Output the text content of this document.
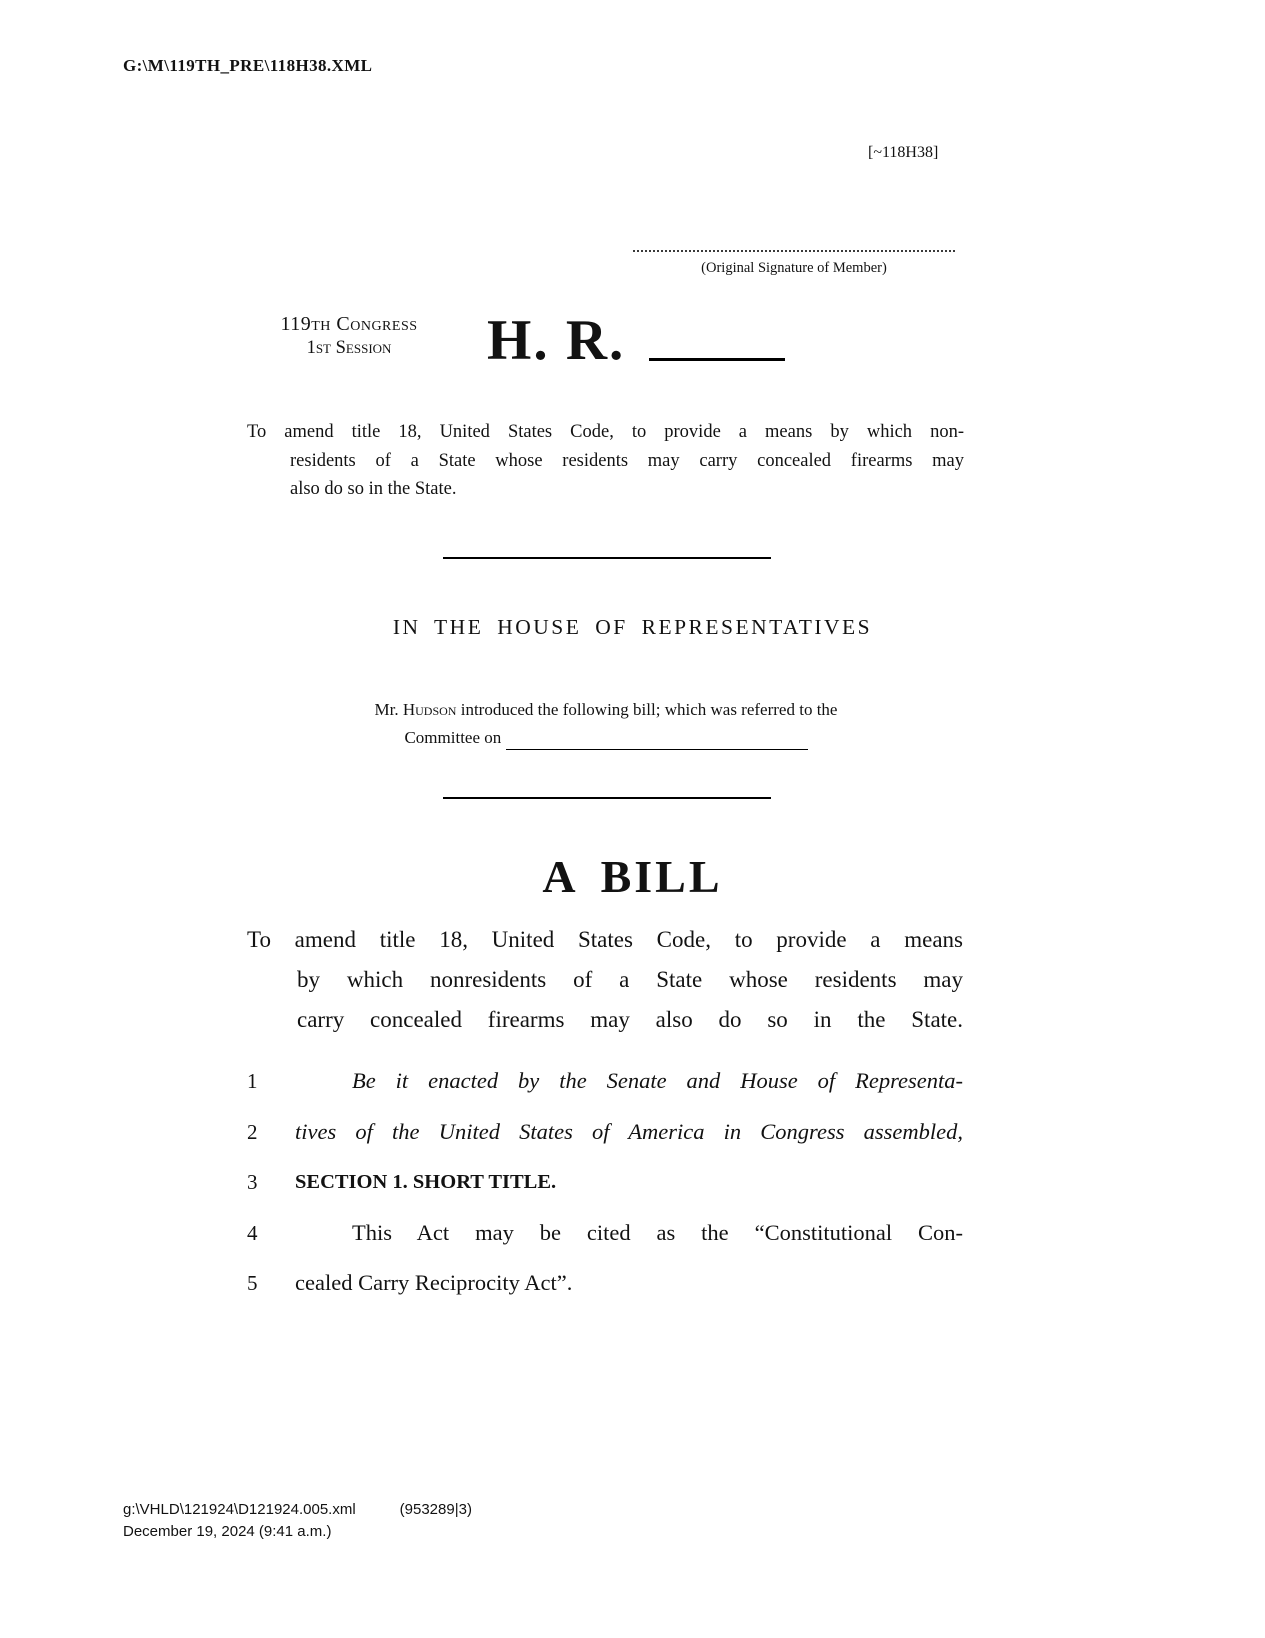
G:\M\119TH_PRE\118H38.XML
[~118H38]
(Original Signature of Member)
119th Congress
1st Session	H. R.
To amend title 18, United States Code, to provide a means by which non-
residents of a State whose residents may carry concealed firearms may
also do so in the State.
IN THE HOUSE OF REPRESENTATIVES
Mr. Hudson introduced the following bill; which was referred to the
Committee on
A BILL
To amend title 18, United States Code, to provide a means
by which nonresidents of a State whose residents may
carry concealed firearms may also do so in the State.
1	Be it enacted by the Senate and House of Representa-
2	tives of the United States of America in Congress assembled,
3	SECTION 1. SHORT TITLE.
4	This Act may be cited as the “Constitutional Con-
5	cealed Carry Reciprocity Act”.
g:\VHLD\121924\D121924.005.xml	(953289|3)
December 19, 2024 (9:41 a.m.)
